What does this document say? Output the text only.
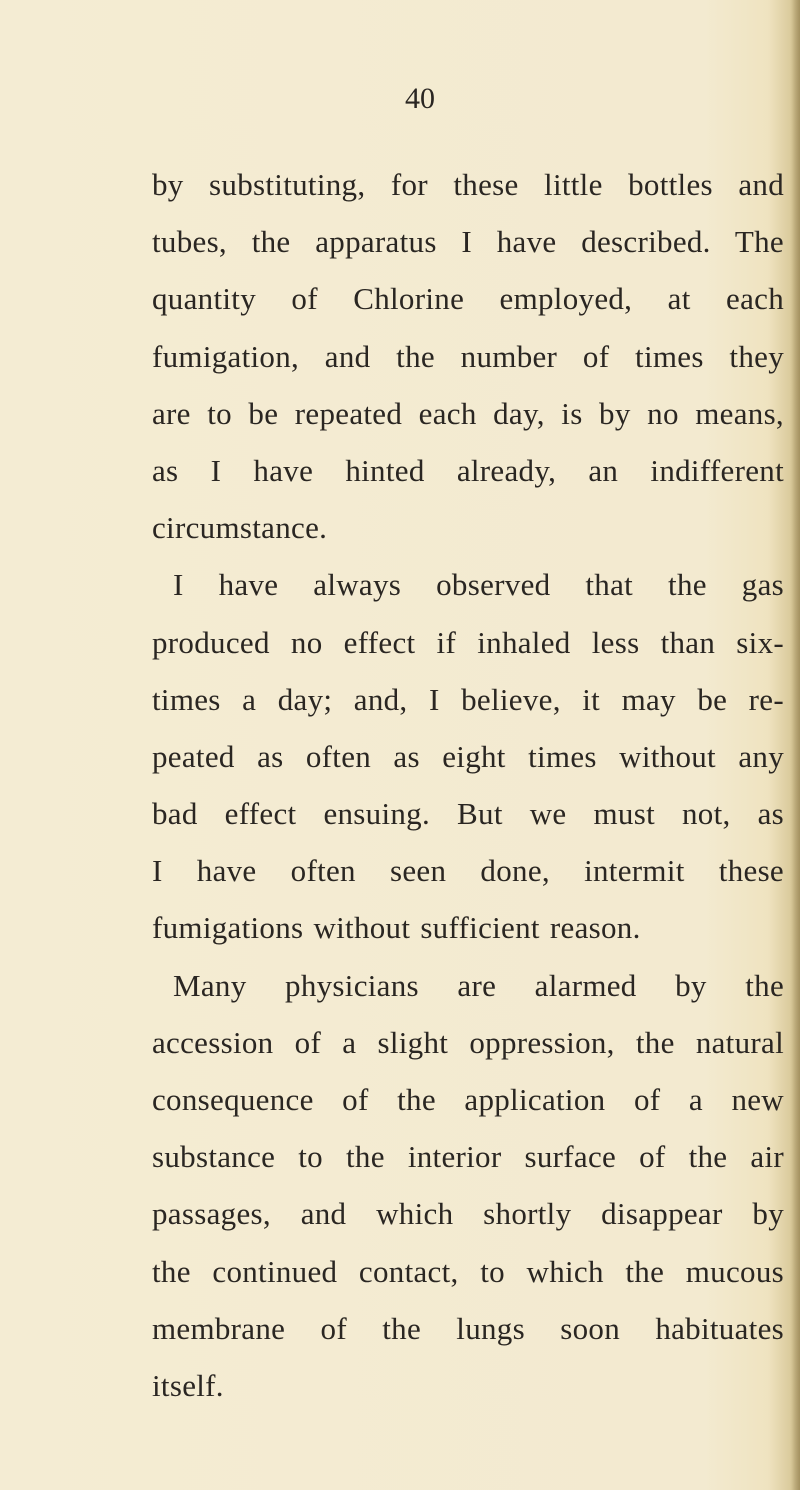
40
by substituting, for these little bottles and
tubes, the apparatus I have described. The
quantity of Chlorine employed, at each
fumigation, and the number of times they
are to be repeated each day, is by no means,
as I have hinted already, an indifferent
circumstance.
I have always observed that the gas
produced no effect if inhaled less than six-
times a day; and, I believe, it may be re-
peated as often as eight times without any
bad effect ensuing. But we must not, as
I have often seen done, intermit these
fumigations without sufficient reason.
Many physicians are alarmed by the
accession of a slight oppression, the natural
consequence of the application of a new
substance to the interior surface of the air
passages, and which shortly disappear by
the continued contact, to which the mucous
membrane of the lungs soon habituates
itself.
